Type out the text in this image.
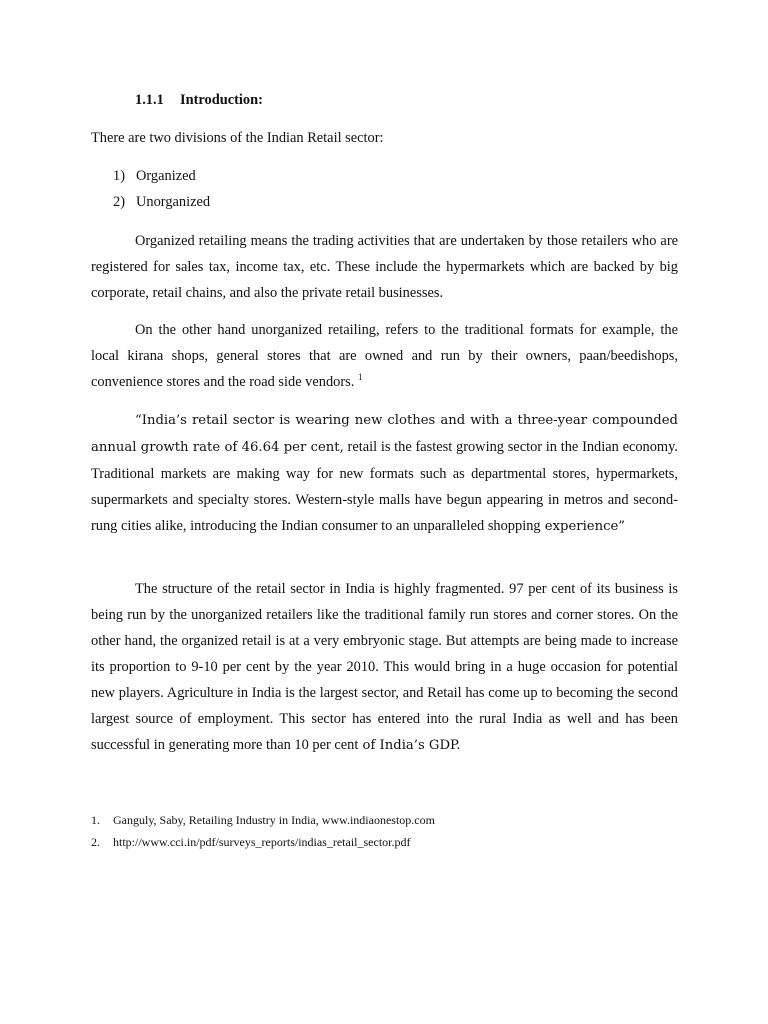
1.1.1 Introduction:
There are two divisions of the Indian Retail sector:
1) Organized
2) Unorganized

Organized retailing means the trading activities that are undertaken by those retailers who are registered for sales tax, income tax, etc. These include the hypermarkets which are backed by big corporate, retail chains, and also the private retail businesses.

On the other hand unorganized retailing, refers to the traditional formats for example, the local kirana shops, general stores that are owned and run by their owners, paan/beedishops, convenience stores and the road side vendors. $^1$

“India’s retail sector is wearing new clothes and with a three-year compounded annual growth rate of 46.64 per cent, retail is the fastest growing sector in the Indian economy. Traditional markets are making way for new formats such as departmental stores, hypermarkets, supermarkets and specialty stores. Western-style malls have begun appearing in metros and second-rung cities alike, introducing the Indian consumer to an unparalleled shopping experience”

The structure of the retail sector in India is highly fragmented. 97 per cent of its business is being run by the unorganized retailers like the traditional family run stores and corner stores. On the other hand, the organized retail is at a very embryonic stage. But attempts are being made to increase its proportion to 9-10 per cent by the year 2010. This would bring in a huge occasion for potential new players. Agriculture in India is the largest sector, and Retail has come up to becoming the second largest source of employment. This sector has entered into the rural India as well and has been successful in generating more than 10 per cent of India’s GDP.

1. Ganguly, Saby, Retailing Industry in India, www.indiaonestop.com
2. http://www.cci.in/pdf/surveys_reports/indias_retail_sector.pdf
